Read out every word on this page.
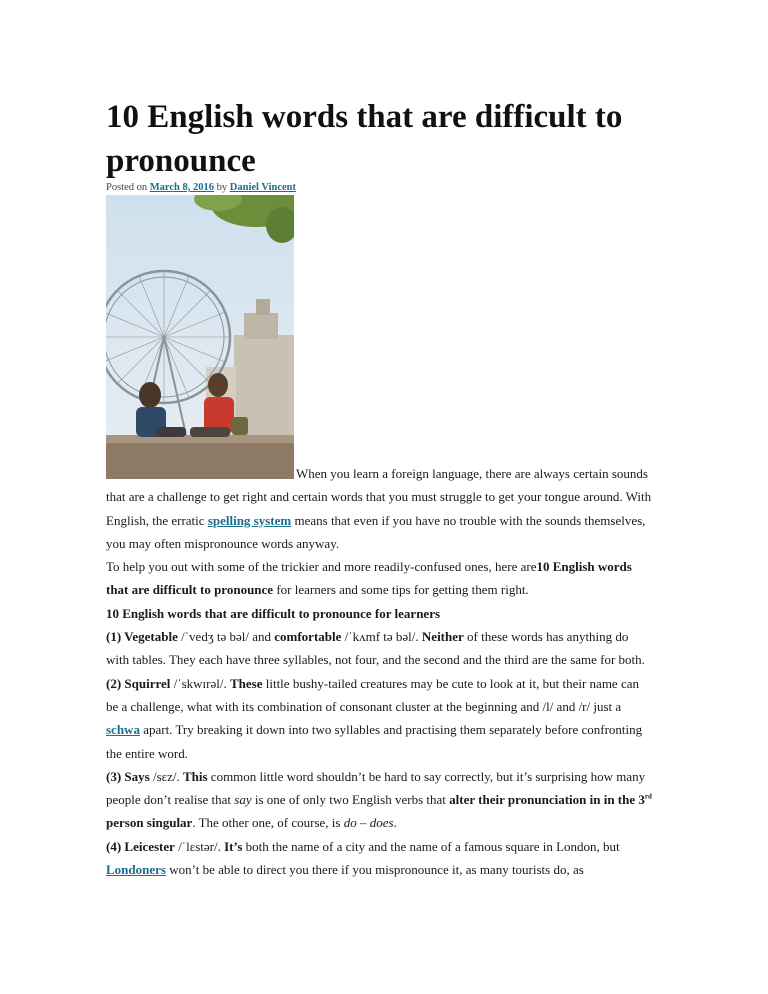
10 English words that are difficult to pronounce
Posted on March 8, 2016 by Daniel Vincent

When you learn a foreign language, there are always certain sounds that are a challenge to get right and certain words that you must struggle to get your tongue around. With English, the erratic spelling system means that even if you have no trouble with the sounds themselves, you may often mispronounce words anyway.

To help you out with some of the trickier and more readily-confused ones, here are10 English words that are difficult to pronounce for learners and some tips for getting them right.

10 English words that are difficult to pronounce for learners

(1) Vegetable /ˈvedʒ tə bəl/ and comfortable /ˈkʌmf tə bəl/. Neither of these words has anything do with tables. They each have three syllables, not four, and the second and the third are the same for both.

(2) Squirrel /ˈskwɪrəl/. These little bushy-tailed creatures may be cute to look at it, but their name can be a challenge, what with its combination of consonant cluster at the beginning and /l/ and /r/ just a schwa apart. Try breaking it down into two syllables and practising them separately before confronting the entire word.

(3) Says /sɛz/. This common little word shouldn’t be hard to say correctly, but it’s surprising how many people don’t realise that say is one of only two English verbs that alter their pronunciation in in the 3rd person singular. The other one, of course, is do – does.

(4) Leicester /ˈlɛstər/. It’s both the name of a city and the name of a famous square in London, but Londoners won’t be able to direct you there if you mispronounce it, as many tourists do, as
